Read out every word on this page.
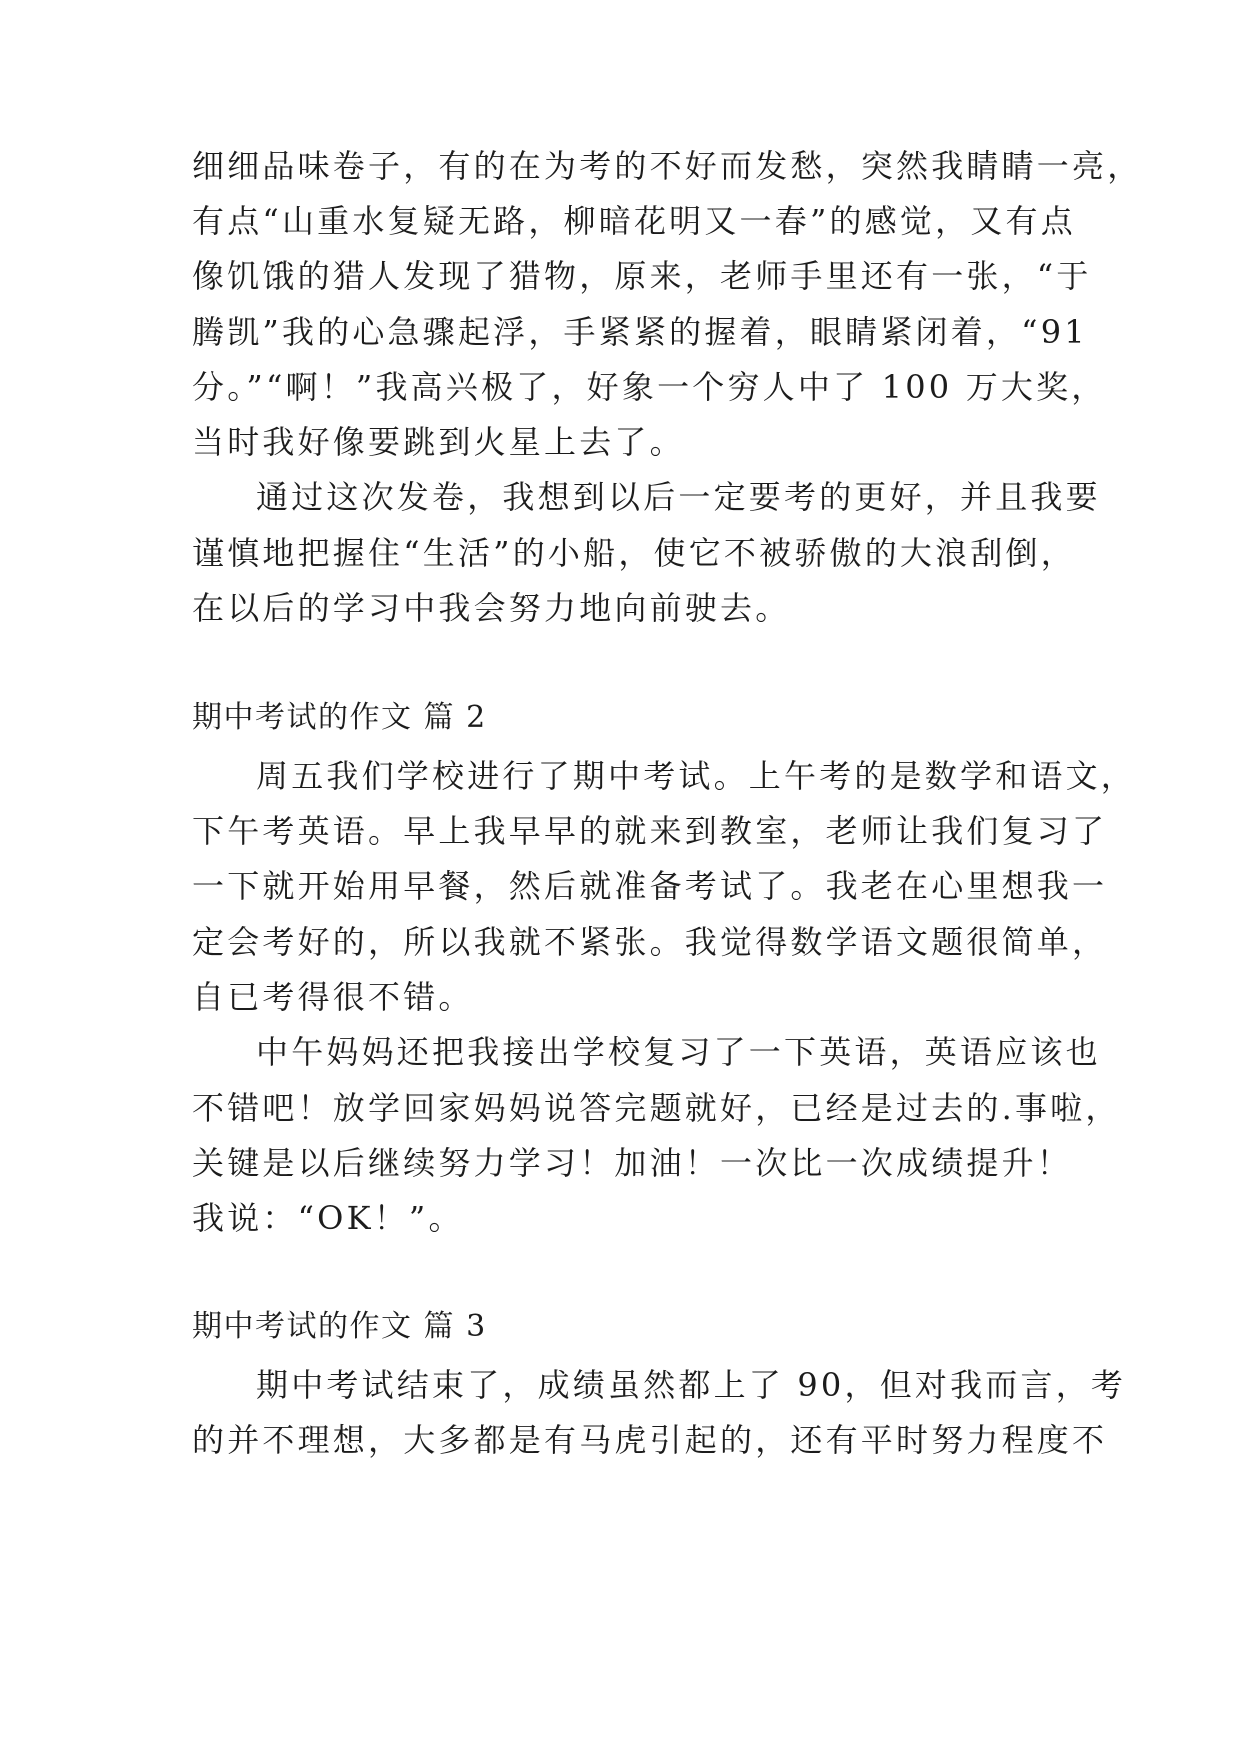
细细品味卷子，有的在为考的不好而发愁，突然我睛睛一亮，
有点“山重水复疑无路，柳暗花明又一春”的感觉，又有点
像饥饿的猎人发现了猎物，原来，老师手里还有一张，“于
腾凯”我的心急骤起浮，手紧紧的握着，眼睛紧闭着，“91
分。”“啊！”我高兴极了，好象一个穷人中了 100 万大奖，
当时我好像要跳到火星上去了。
通过这次发卷，我想到以后一定要考的更好，并且我要
谨慎地把握住“生活”的小船，使它不被骄傲的大浪刮倒，
在以后的学习中我会努力地向前驶去。
期中考试的作文 篇 2
周五我们学校进行了期中考试。上午考的是数学和语文，
下午考英语。早上我早早的就来到教室，老师让我们复习了
一下就开始用早餐，然后就准备考试了。我老在心里想我一
定会考好的，所以我就不紧张。我觉得数学语文题很简单，
自已考得很不错。
中午妈妈还把我接出学校复习了一下英语，英语应该也
不错吧！放学回家妈妈说答完题就好，已经是过去的.事啦，
关键是以后继续努力学习！加油！一次比一次成绩提升！
我说：“OK！”。
期中考试的作文 篇 3
期中考试结束了，成绩虽然都上了 90，但对我而言，考
的并不理想，大多都是有马虎引起的，还有平时努力程度不
